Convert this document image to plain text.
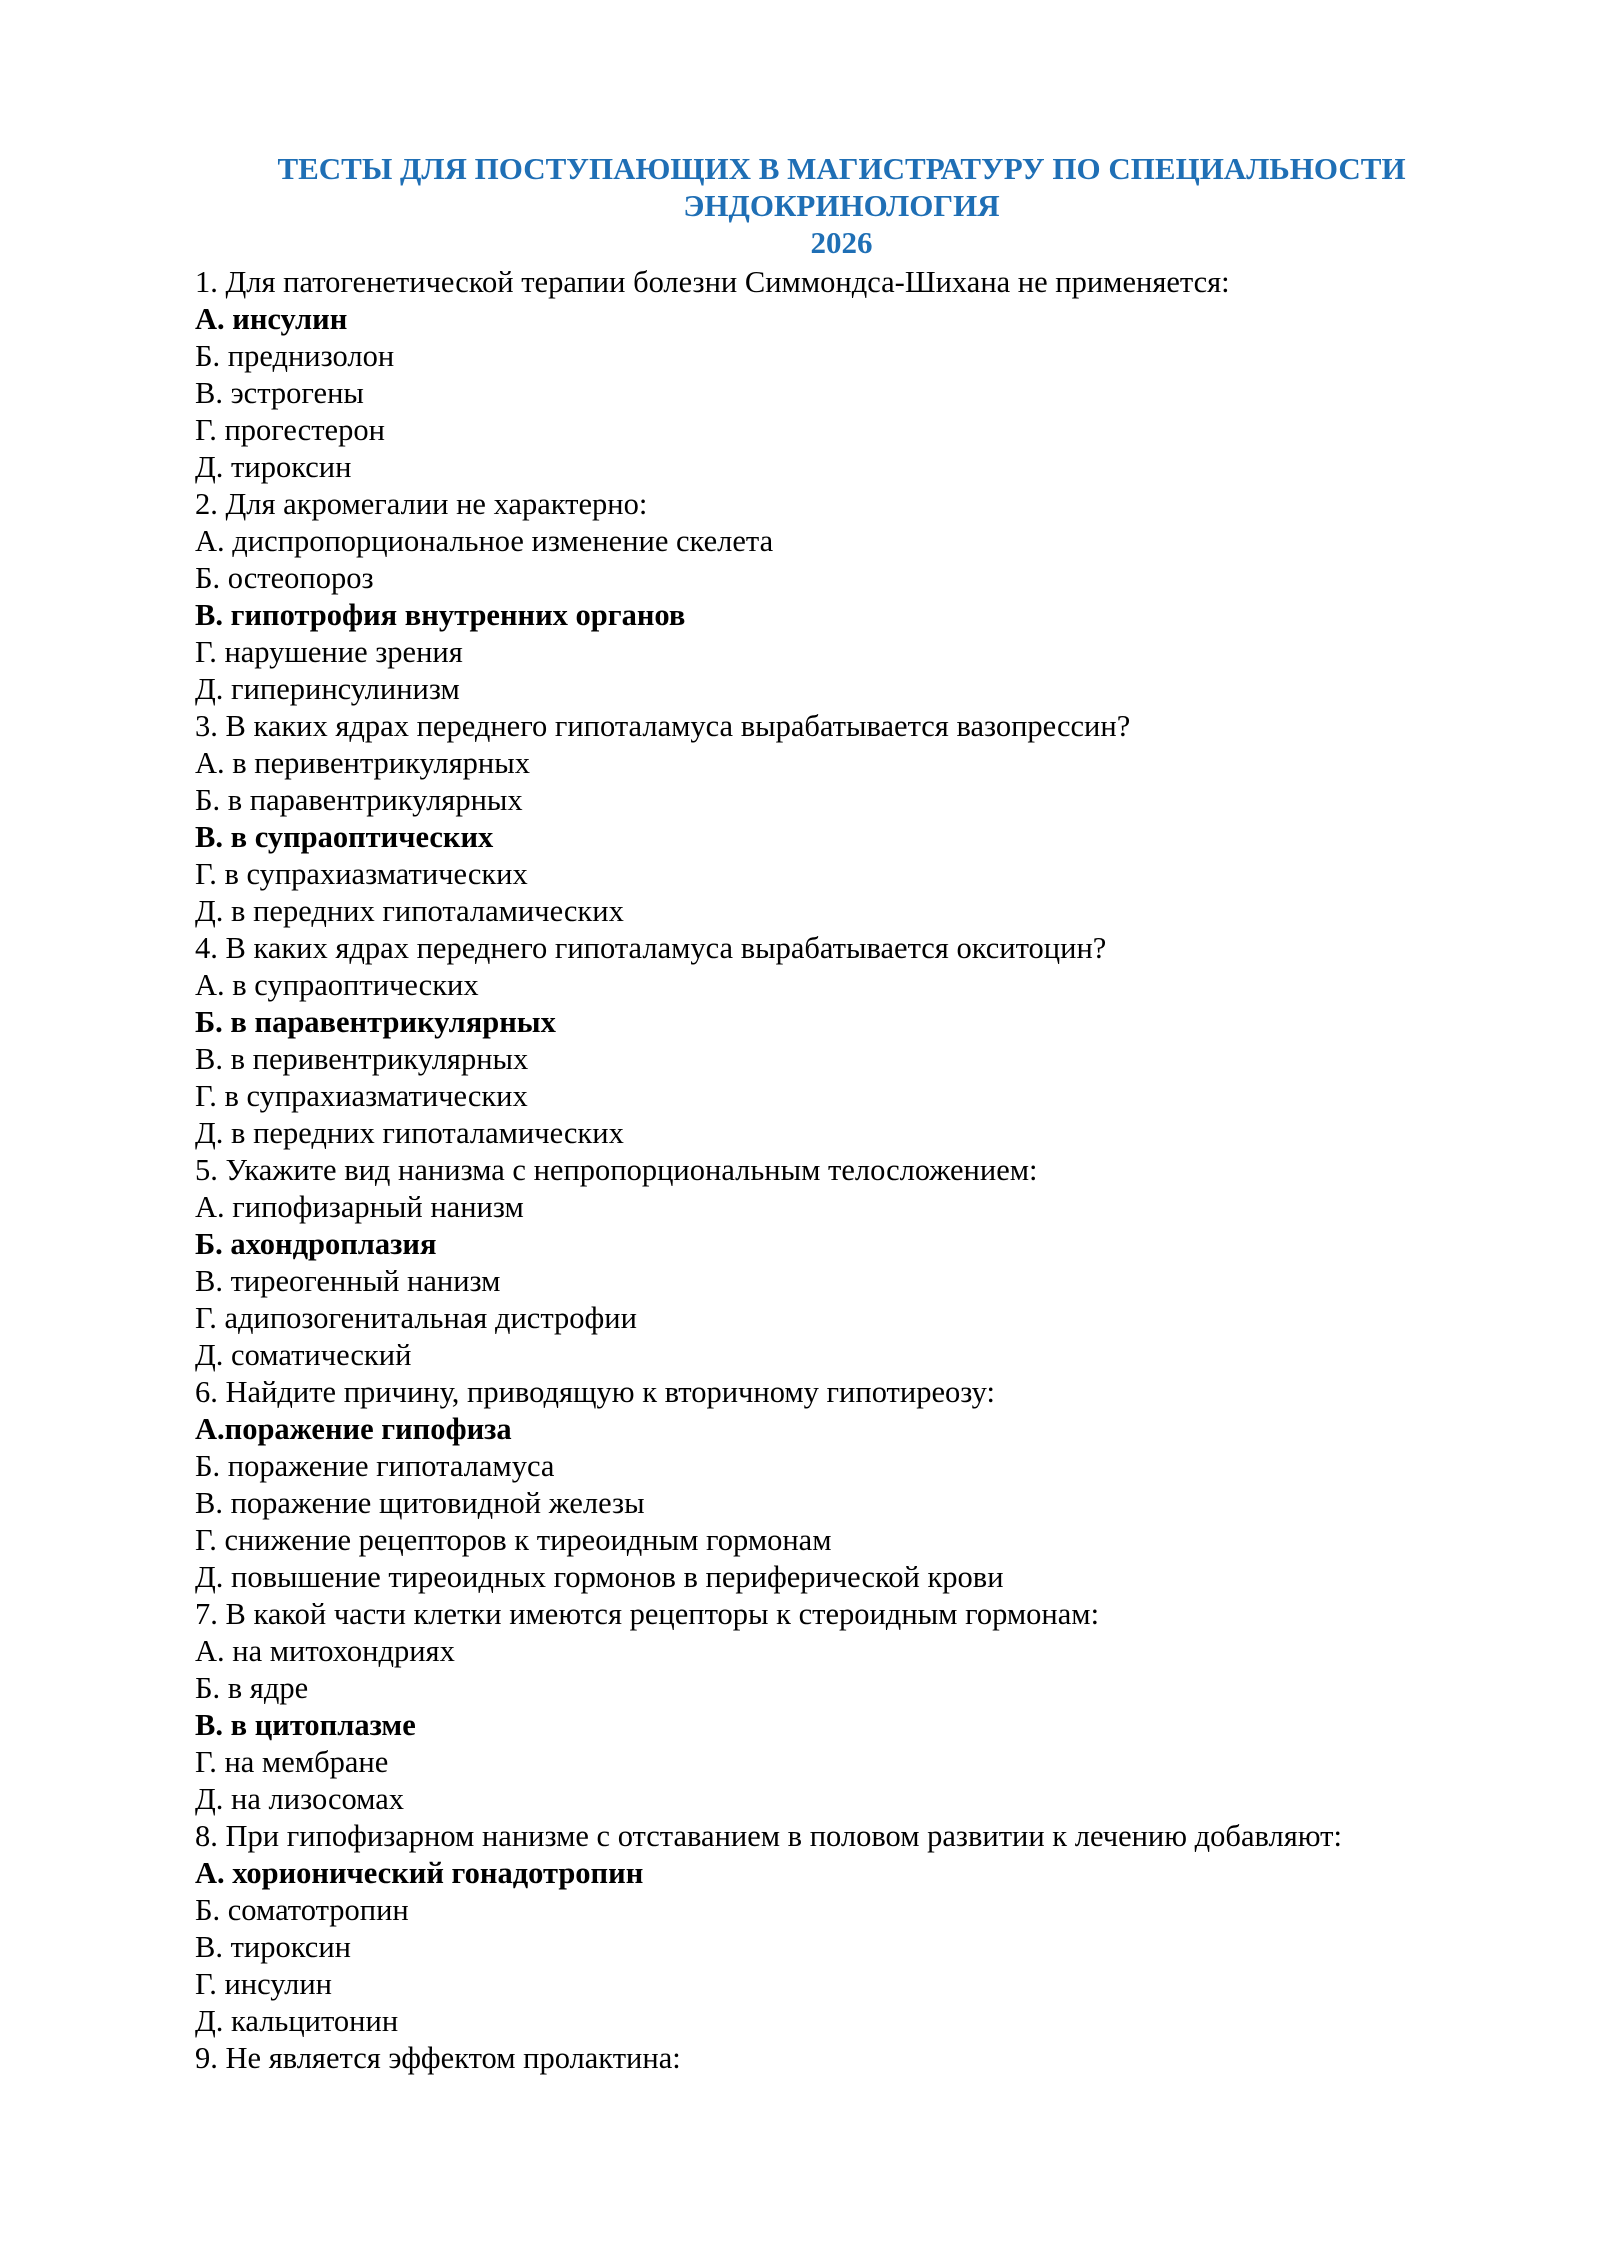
ТЕСТЫ ДЛЯ ПОСТУПАЮЩИХ В МАГИСТРАТУРУ ПО СПЕЦИАЛЬНОСТИ
ЭНДОКРИНОЛОГИЯ
2026
1. Для патогенетической терапии болезни Симмондса-Шихана не применяется:
А. инсулин
Б. преднизолон
В. эстрогены
Г. прогестерон
Д. тироксин
2. Для акромегалии не характерно:
А. диспропорциональное изменение скелета
Б. остеопороз
В. гипотрофия внутренних органов
Г. нарушение зрения
Д. гиперинсулинизм
3. В каких ядрах переднего гипоталамуса вырабатывается вазопрессин?
А. в перивентрикулярных
Б. в паравентрикулярных
В. в супраоптических
Г. в супрахиазматических
Д. в передних гипоталамических
4. В каких ядрах переднего гипоталамуса вырабатывается окситоцин?
А. в супраоптических
Б. в паравентрикулярных
В. в перивентрикулярных
Г. в супрахиазматических
Д. в передних гипоталамических
5. Укажите вид нанизма с непропорциональным телосложением:
А. гипофизарный нанизм
Б. ахондроплазия
В. тиреогенный нанизм
Г. адипозогенитальная дистрофии
Д. соматический
6. Найдите причину, приводящую к вторичному гипотиреозу:
А.поражение гипофиза
Б. поражение гипоталамуса
В. поражение щитовидной железы
Г. снижение рецепторов к тиреоидным гормонам
Д. повышение тиреоидных гормонов в периферической крови
7. В какой части клетки имеются рецепторы к стероидным гормонам:
А. на митохондриях
Б. в ядре
В. в цитоплазме
Г. на мембране
Д. на лизосомах
8. При гипофизарном нанизме с отставанием в половом развитии к лечению добавляют:
А. хорионический гонадотропин
Б. соматотропин
В. тироксин
Г. инсулин
Д. кальцитонин
9. Не является эффектом пролактина:
